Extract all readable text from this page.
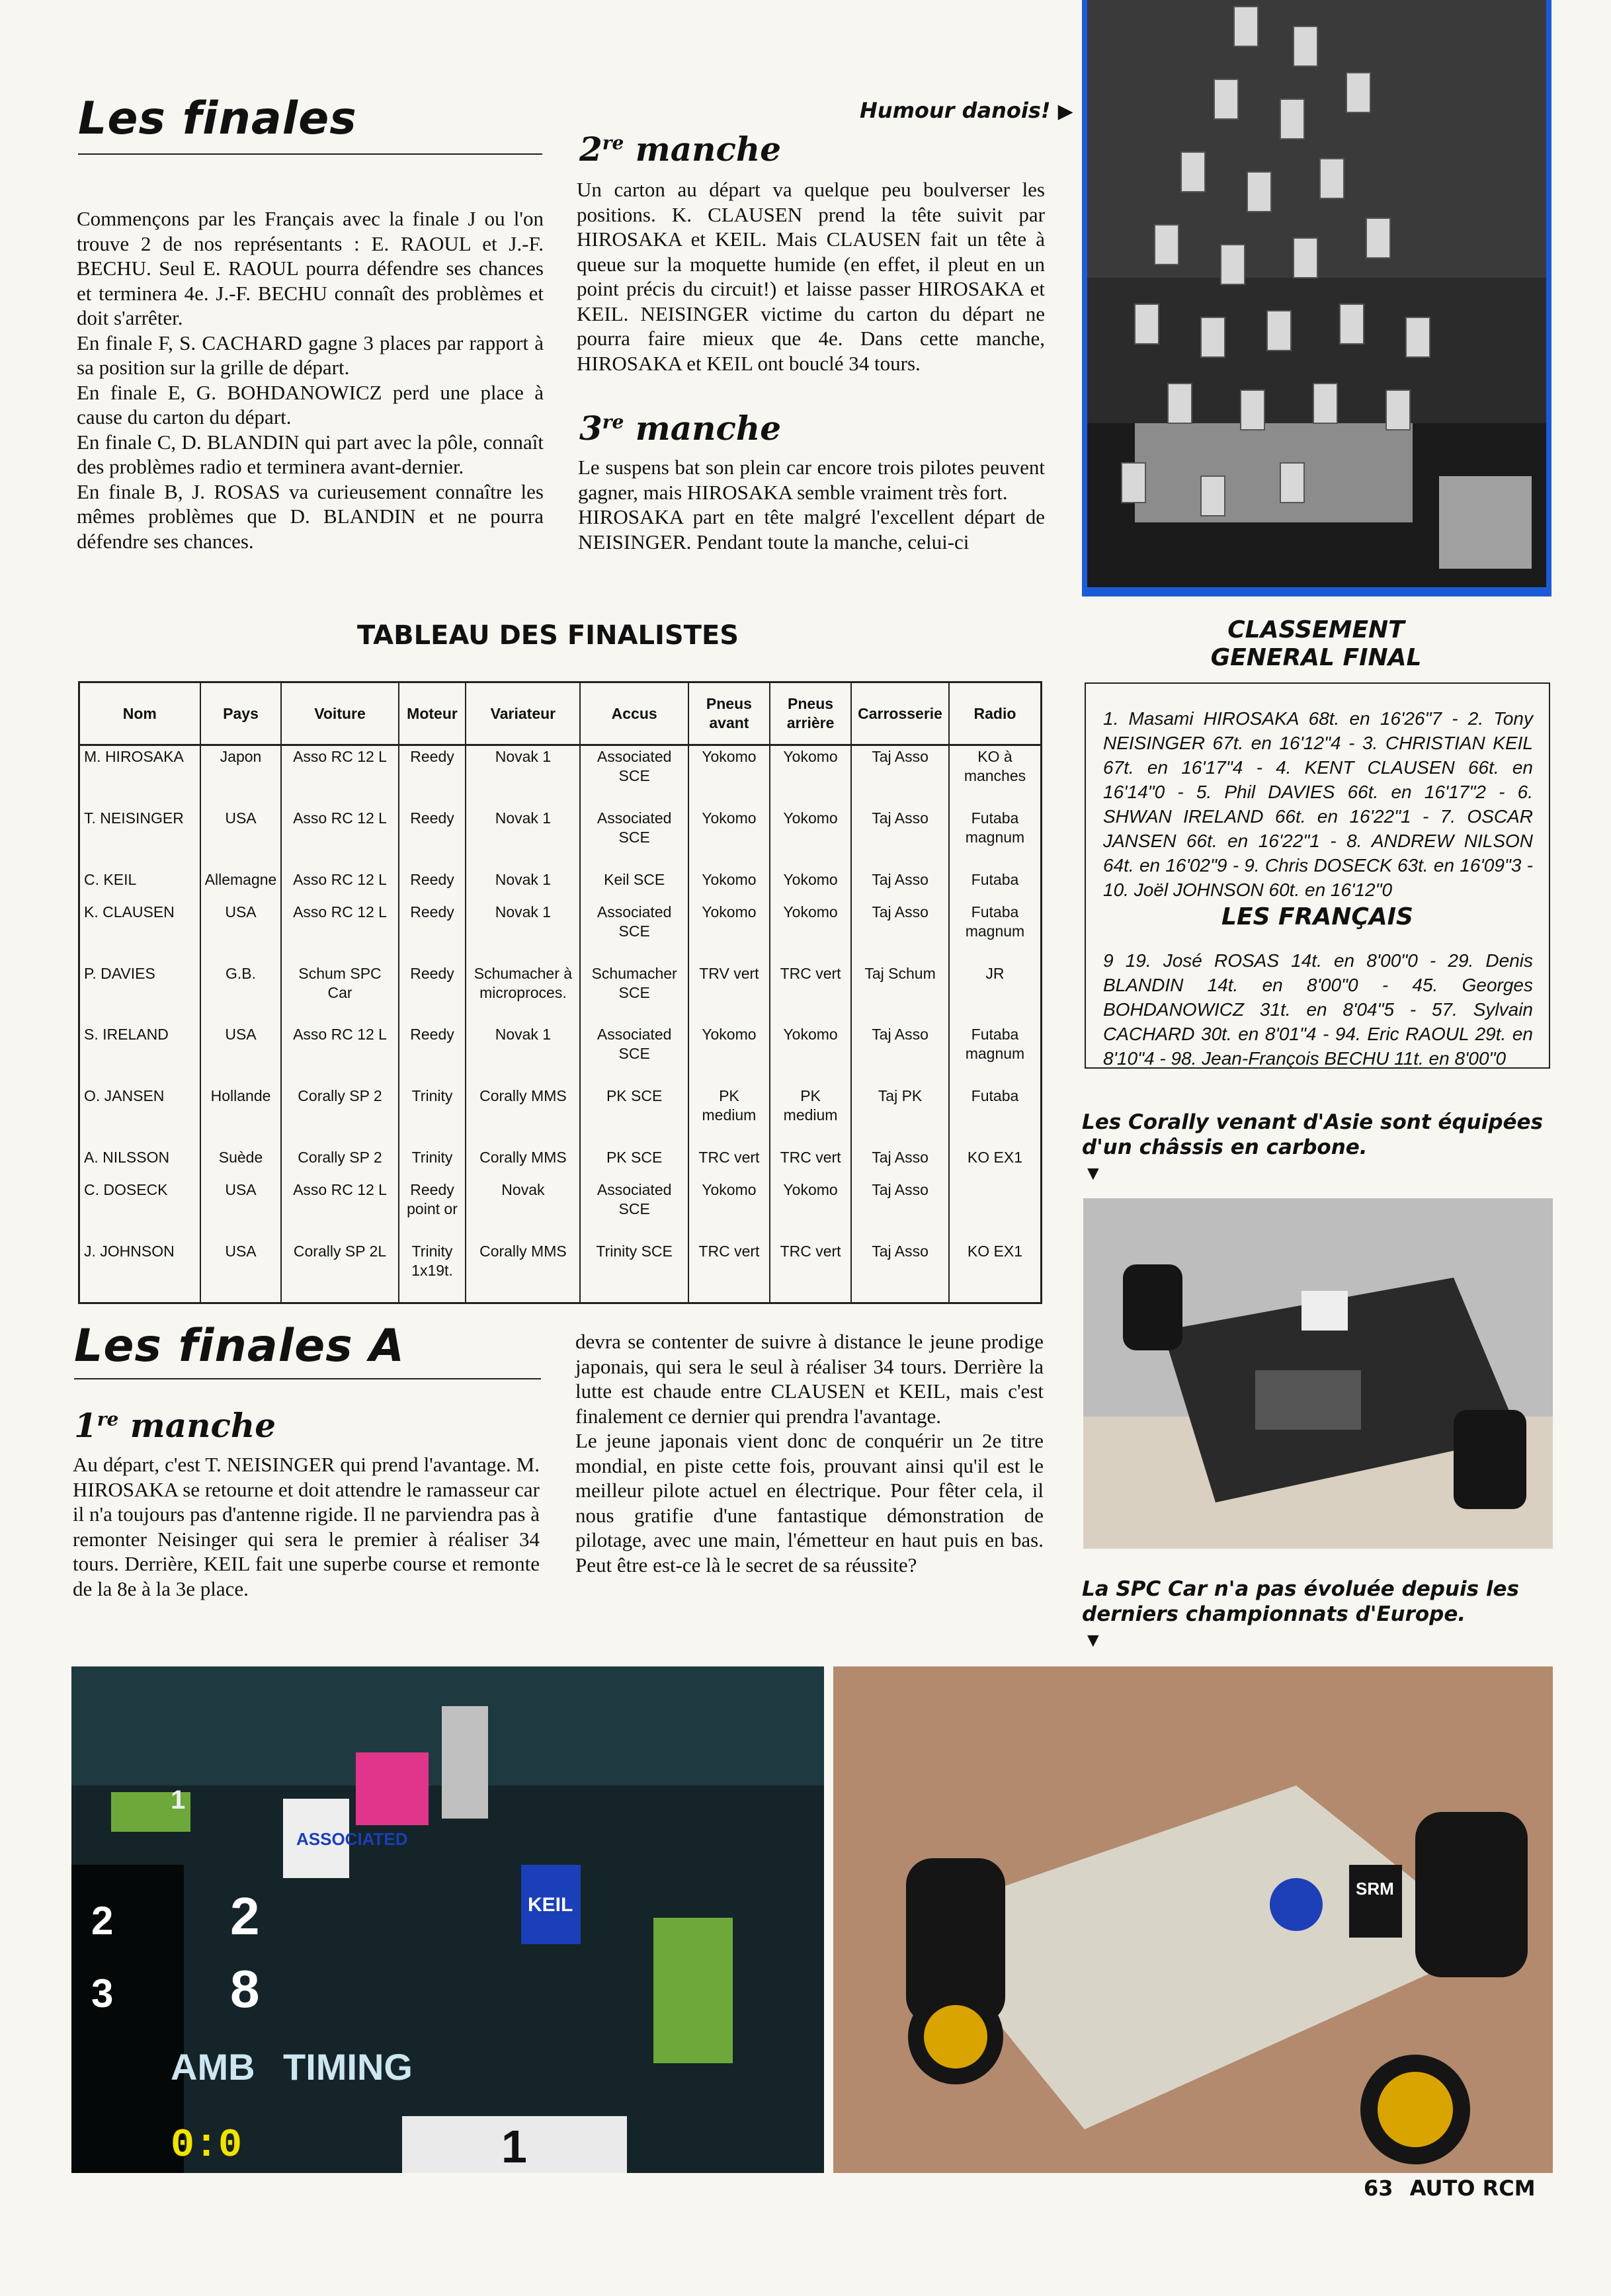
Les finales

Commençons par les Français avec la finale J ou l'on trouve 2 de nos représentants : E. RAOUL et J.-F. BECHU. Seul E. RAOUL pourra défendre ses chances et terminera 4e. J.-F. BECHU connaît des problèmes et doit s'arrêter.

En finale F, S. CACHARD gagne 3 places par rapport à sa position sur la grille de départ.

En finale E, G. BOHDANOWICZ perd une place à cause du carton du départ.

En finale C, D. BLANDIN qui part avec la pôle, connaît des problèmes radio et terminera avant-dernier.

En finale B, J. ROSAS va curieusement connaître les mêmes problèmes que D. BLANDIN et ne pourra défendre ses chances.

Humour danois! ▶
2re manche
Un carton au départ va quelque peu boulverser les positions. K. CLAUSEN prend la tête suivit par HIROSAKA et KEIL. Mais CLAUSEN fait un tête à queue sur la moquette humide (en effet, il pleut en un point précis du circuit!) et laisse passer HIROSAKA et KEIL. NEISINGER victime du carton du départ ne pourra faire mieux que 4e. Dans cette manche, HIROSAKA et KEIL ont bouclé 34 tours.
3re manche

Le suspens bat son plein car encore trois pilotes peuvent gagner, mais HIROSAKA semble vraiment très fort.

HIROSAKA part en tête malgré l'excellent départ de NEISINGER. Pendant toute la manche, celui-ci

TABLEAU DES FINALISTES
Nom	Pays	Voiture	Moteur	Variateur	Accus	Pneus avant	Pneus arrière	Carrosserie	Radio
M. HIROSAKA	Japon	Asso RC 12 L	Reedy	Novak 1	Associated SCE	Yokomo	Yokomo	Taj Asso	KO à manches
T. NEISINGER	USA	Asso RC 12 L	Reedy	Novak 1	Associated SCE	Yokomo	Yokomo	Taj Asso	Futaba magnum
C. KEIL	Allemagne	Asso RC 12 L	Reedy	Novak 1	Keil SCE	Yokomo	Yokomo	Taj Asso	Futaba
K. CLAUSEN	USA	Asso RC 12 L	Reedy	Novak 1	Associated SCE	Yokomo	Yokomo	Taj Asso	Futaba magnum
P. DAVIES	G.B.	Schum SPC Car	Reedy	Schumacher à microproces.	Schumacher SCE	TRV vert	TRC vert	Taj Schum	JR
S. IRELAND	USA	Asso RC 12 L	Reedy	Novak 1	Associated SCE	Yokomo	Yokomo	Taj Asso	Futaba magnum
O. JANSEN	Hollande	Corally SP 2	Trinity	Corally MMS	PK SCE	PK medium	PK medium	Taj PK	Futaba
A. NILSSON	Suède	Corally SP 2	Trinity	Corally MMS	PK SCE	TRC vert	TRC vert	Taj Asso	KO EX1
C. DOSECK	USA	Asso RC 12 L	Reedy point or	Novak	Associated SCE	Yokomo	Yokomo	Taj Asso	
J. JOHNSON	USA	Corally SP 2L	Trinity 1x19t.	Corally MMS	Trinity SCE	TRC vert	TRC vert	Taj Asso	KO EX1
CLASSEMENT
GENERAL FINAL
1. Masami HIROSAKA 68t. en 16'26"7 - 2. Tony NEISINGER 67t. en 16'12"4 - 3. CHRISTIAN KEIL 67t. en 16'17"4 - 4. KENT CLAUSEN 66t. en 16'14"0 - 5. Phil DAVIES 66t. en 16'17"2 - 6. SHWAN IRELAND 66t. en 16'22"1 - 7. OSCAR JANSEN 66t. en 16'22"1 - 8. ANDREW NILSON 64t. en 16'02"9 - 9. Chris DOSECK 63t. en 16'09"3 - 10. Joël JOHNSON 60t. en 16'12"0
LES FRANÇAIS
9 19. José ROSAS 14t. en 8'00"0 - 29. Denis BLANDIN 14t. en 8'00"0 - 45. Georges BOHDANOWICZ 31t. en 8'04"5 - 57. Sylvain CACHARD 30t. en 8'01"4 - 94. Eric RAOUL 29t. en 8'10"4 - 98. Jean-François BECHU 11t. en 8'00"0
Les Corally venant d'Asie sont équipées d'un châssis en carbone.
▼
La SPC Car n'a pas évoluée depuis les derniers championnats d'Europe.
▼
Les finales A
1re manche
Au départ, c'est T. NEISINGER qui prend l'avantage. M. HIROSAKA se retourne et doit attendre le ramasseur car il n'a toujours pas d'antenne rigide. Il ne parviendra pas à remonter Neisinger qui sera le premier à réaliser 34 tours. Derrière, KEIL fait une superbe course et remonte de la 8e à la 3e place.

devra se contenter de suivre à distance le jeune prodige japonais, qui sera le seul à réaliser 34 tours. Derrière la lutte est chaude entre CLAUSEN et KEIL, mais c'est finalement ce dernier qui prendra l'avantage.

Le jeune japonais vient donc de conquérir un 2e titre mondial, en piste cette fois, prouvant ainsi qu'il est le meilleur pilote actuel en électrique. Pour fêter cela, il nous gratifie d'une fantastique démonstration de pilotage, avec une main, l'émetteur en haut puis en bas. Peut être est-ce là le secret de sa réussite?

2
3
2
8
1
AMB TIMING
0:0
ASSOCIATED
KEIL
1
SRM
63 AUTO RCM
